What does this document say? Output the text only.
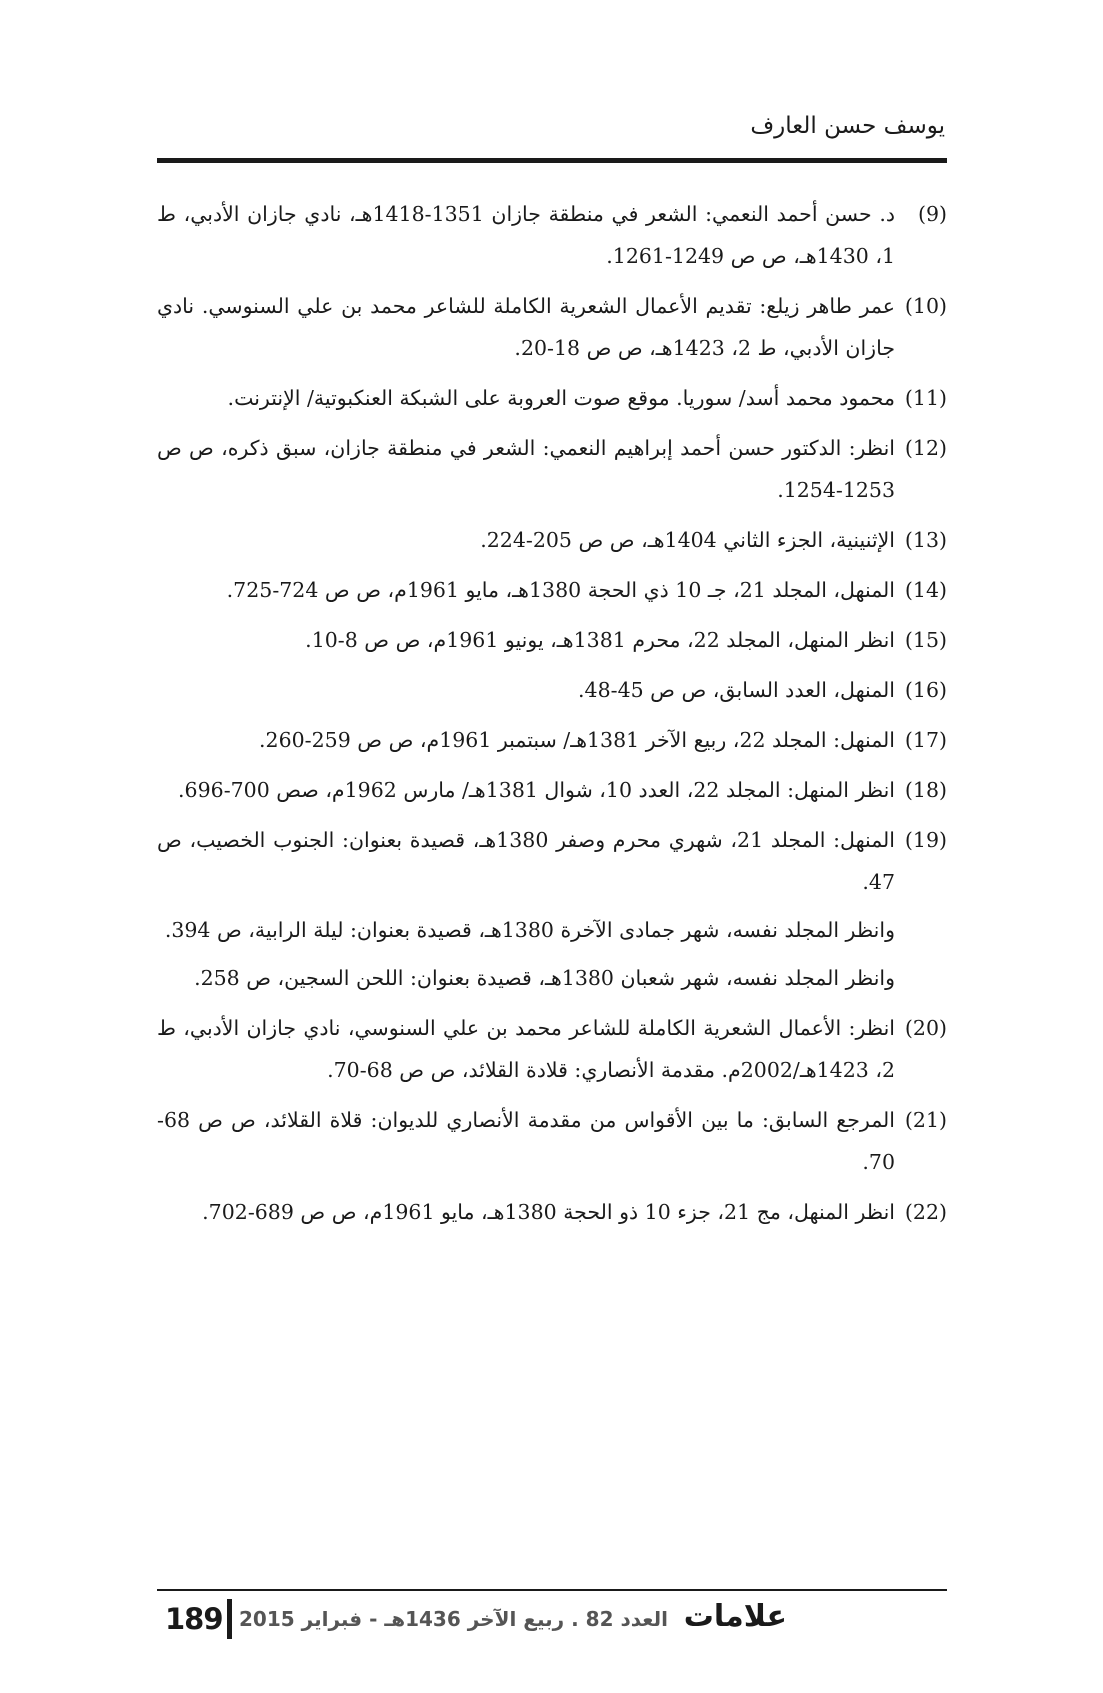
يوسف حسن العارف
(9)
د. حسن أحمد النعمي: الشعر في منطقة جازان 1351-1418هـ، نادي جازان الأدبي، ط 1، 1430هـ، ص ص 1249-1261.
(10)
عمر طاهر زيلع: تقديم الأعمال الشعرية الكاملة للشاعر محمد بن علي السنوسي. نادي جازان الأدبي، ط 2، 1423هـ، ص ص 18-20.
(11)
محمود محمد أسد/ سوريا. موقع صوت العروبة على الشبكة العنكبوتية/ الإنترنت.
(12)
انظر: الدكتور حسن أحمد إبراهيم النعمي: الشعر في منطقة جازان، سبق ذكره، ص ص 1253-1254.
(13)
الإثنينية، الجزء الثاني 1404هـ، ص ص 205-224.
(14)
المنهل، المجلد 21، جـ 10 ذي الحجة 1380هـ، مايو 1961م، ص ص 724-725.
(15)
انظر المنهل، المجلد 22، محرم 1381هـ، يونيو 1961م، ص ص 8-10.
(16)
المنهل، العدد السابق، ص ص 45-48.
(17)
المنهل: المجلد 22، ربيع الآخر 1381هـ/ سبتمبر 1961م، ص ص 259-260.
(18)
انظر المنهل: المجلد 22، العدد 10، شوال 1381هـ/ مارس 1962م، صص 700-696.
(19)
المنهل: المجلد 21، شهري محرم وصفر 1380هـ، قصيدة بعنوان: الجنوب الخصيب، ص 47.
وانظر المجلد نفسه، شهر جمادى الآخرة 1380هـ، قصيدة بعنوان: ليلة الرابية، ص 394.
وانظر المجلد نفسه، شهر شعبان 1380هـ، قصيدة بعنوان: اللحن السجين، ص 258.
(20)
انظر: الأعمال الشعرية الكاملة للشاعر محمد بن علي السنوسي، نادي جازان الأدبي، ط 2، 1423هـ/2002م. مقدمة الأنصاري: قلادة القلائد، ص ص 68-70.
(21)
المرجع السابق: ما بين الأقواس من مقدمة الأنصاري للديوان: قلاة القلائد، ص ص 68-70.
(22)
انظر المنهل، مج 21، جزء 10 ذو الحجة 1380هـ، مايو 1961م، ص ص 689-702.
189 العدد 82 . ربيع الآخر 1436هـ - فبراير 2015 علامات
